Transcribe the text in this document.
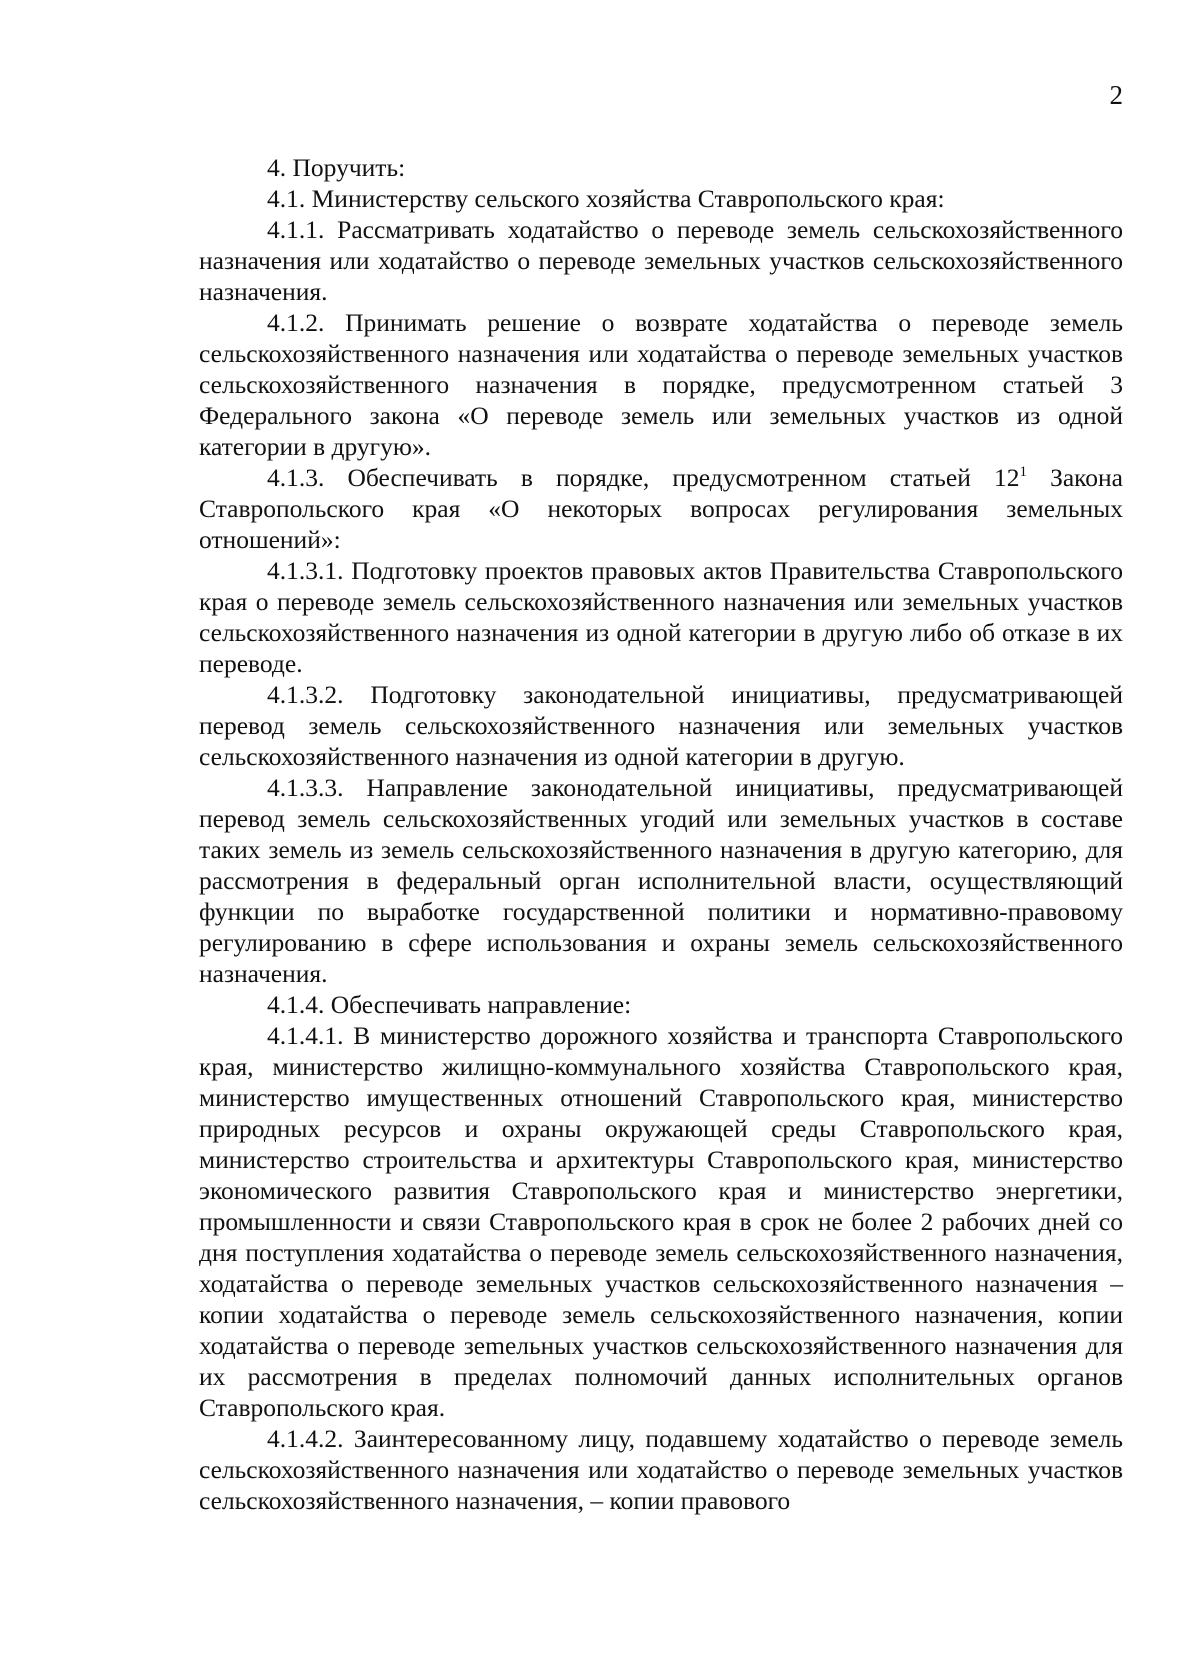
2

4. Поручить:

4.1. Министерству сельского хозяйства Ставропольского края:

4.1.1. Рассматривать ходатайство о переводе земель сельскохозяйственного назначения или ходатайство о переводе земельных участков сельскохозяйственного назначения.

4.1.2. Принимать решение о возврате ходатайства о переводе земель сельскохозяйственного назначения или ходатайства о переводе земельных участков сельскохозяйственного назначения в порядке, предусмотренном статьей 3 Федерального закона «О переводе земель или земельных участков из одной категории в другую».

4.1.3. Обеспечивать в порядке, предусмотренном статьей $12^1$ Закона Ставропольского края «О некоторых вопросах регулирования земельных отношений»:

4.1.3.1. Подготовку проектов правовых актов Правительства Ставропольского края о переводе земель сельскохозяйственного назначения или земельных участков сельскохозяйственного назначения из одной категории в другую либо об отказе в их переводе.

4.1.3.2. Подготовку законодательной инициативы, предусматривающей перевод земель сельскохозяйственного назначения или земельных участков сельскохозяйственного назначения из одной категории в другую.

4.1.3.3. Направление законодательной инициативы, предусматривающей перевод земель сельскохозяйственных угодий или земельных участков в составе таких земель из земель сельскохозяйственного назначения в другую категорию, для рассмотрения в федеральный орган исполнительной власти, осуществляющий функции по выработке государственной политики и нормативно-правовому регулированию в сфере использования и охраны земель сельскохозяйственного назначения.

4.1.4. Обеспечивать направление:

4.1.4.1. В министерство дорожного хозяйства и транспорта Ставропольского края, министерство жилищно-коммунального хозяйства Ставропольского края, министерство имущественных отношений Ставропольского края, министерство природных ресурсов и охраны окружающей среды Ставропольского края, министерство строительства и архитектуры Ставропольского края, министерство экономического развития Ставропольского края и министерство энергетики, промышленности и связи Ставропольского края в срок не более 2 рабочих дней со дня поступления ходатайства о переводе земель сельскохозяйственного назначения, ходатайства о переводе земельных участков сельскохозяйственного назначения – копии ходатайства о переводе земель сельскохозяйственного назначения, копии ходатайства о переводе зеmельных участков сельскохозяйственного назначения для их рассмотрения в пределах полномочий данных исполнительных органов Ставропольского края.

4.1.4.2. Заинтересованному лицу, подавшему ходатайство о переводе земель сельскохозяйственного назначения или ходатайство о переводе земельных участков сельскохозяйственного назначения, – копии правового
